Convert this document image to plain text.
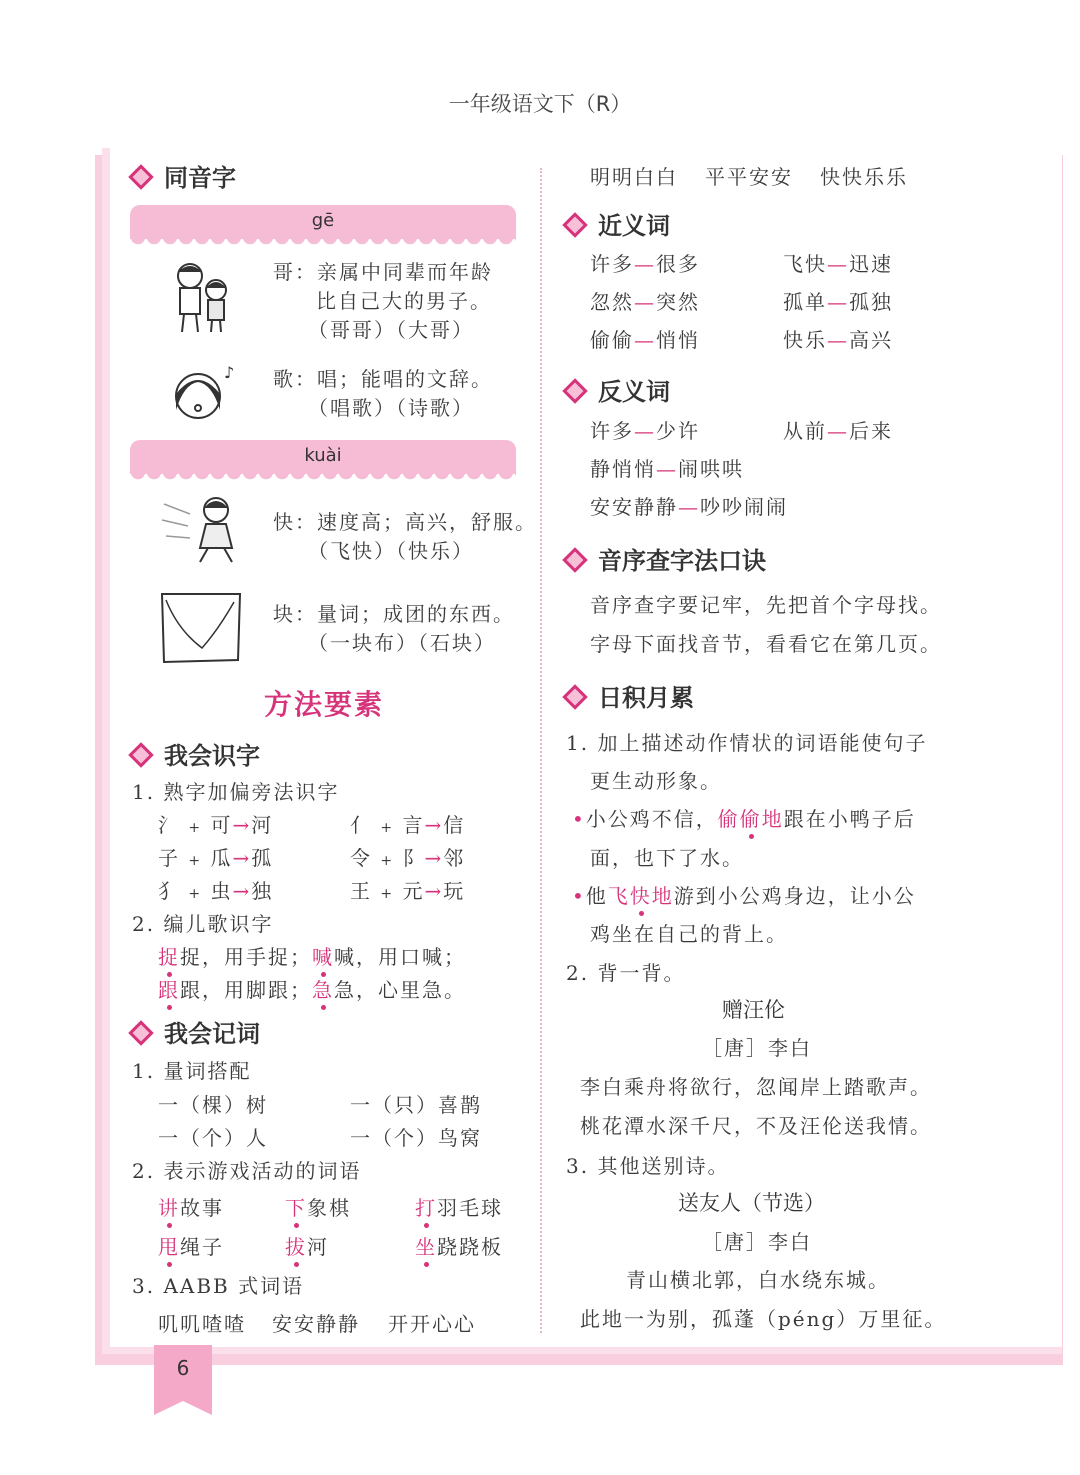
一年级语文下（R）
同音字
gē
哥：亲属中同辈而年龄
比自己大的男子。
（哥哥）（大哥）
♪ 歌：唱；能唱的文辞。
（唱歌）（诗歌）
kuài
快：速度高；高兴，舒服。
（飞快）（快乐）
块：量词；成团的东西。
（一块布）（石块）
方法要素
我会识字
1. 熟字加偏旁法识字
氵 + 可→河	亻 + 言→信
子 + 瓜→孤	令 + 阝→邻
犭 + 虫→独	王 + 元→玩
2. 编儿歌识字
捉捉，用手捉；喊喊，用口喊；
跟跟，用脚跟；急急，心里急。
我会记词
1. 量词搭配
一（棵）树	一（只）喜鹊
一（个）人	一（个）鸟窝
2. 表示游戏活动的词语
讲故事	下象棋	打羽毛球
甩绳子	拔河	坐跷跷板
3. AABB 式词语
叽叽喳喳 安安静静 开开心心
明明白白 平平安安 快快乐乐
近义词
许多—很多	飞快—迅速
忽然—突然	孤单—孤独
偷偷—悄悄	快乐—高兴
反义词
许多—少许	从前—后来
静悄悄—闹哄哄
安安静静—吵吵闹闹
音序查字法口诀
音序查字要记牢，先把首个字母找。
字母下面找音节，看看它在第几页。
日积月累
1. 加上描述动作情状的词语能使句子
更生动形象。
•小公鸡不信，偷偷地跟在小鸭子后
面，也下了水。
•他飞快地游到小公鸡身边，让小公
鸡坐在自己的背上。
2. 背一背。
赠汪伦
［唐］李白
李白乘舟将欲行，忽闻岸上踏歌声。
桃花潭水深千尺，不及汪伦送我情。
3. 其他送别诗。
送友人（节选）
［唐］李白
青山横北郭，白水绕东城。
此地一为别，孤蓬（péng）万里征。
6
